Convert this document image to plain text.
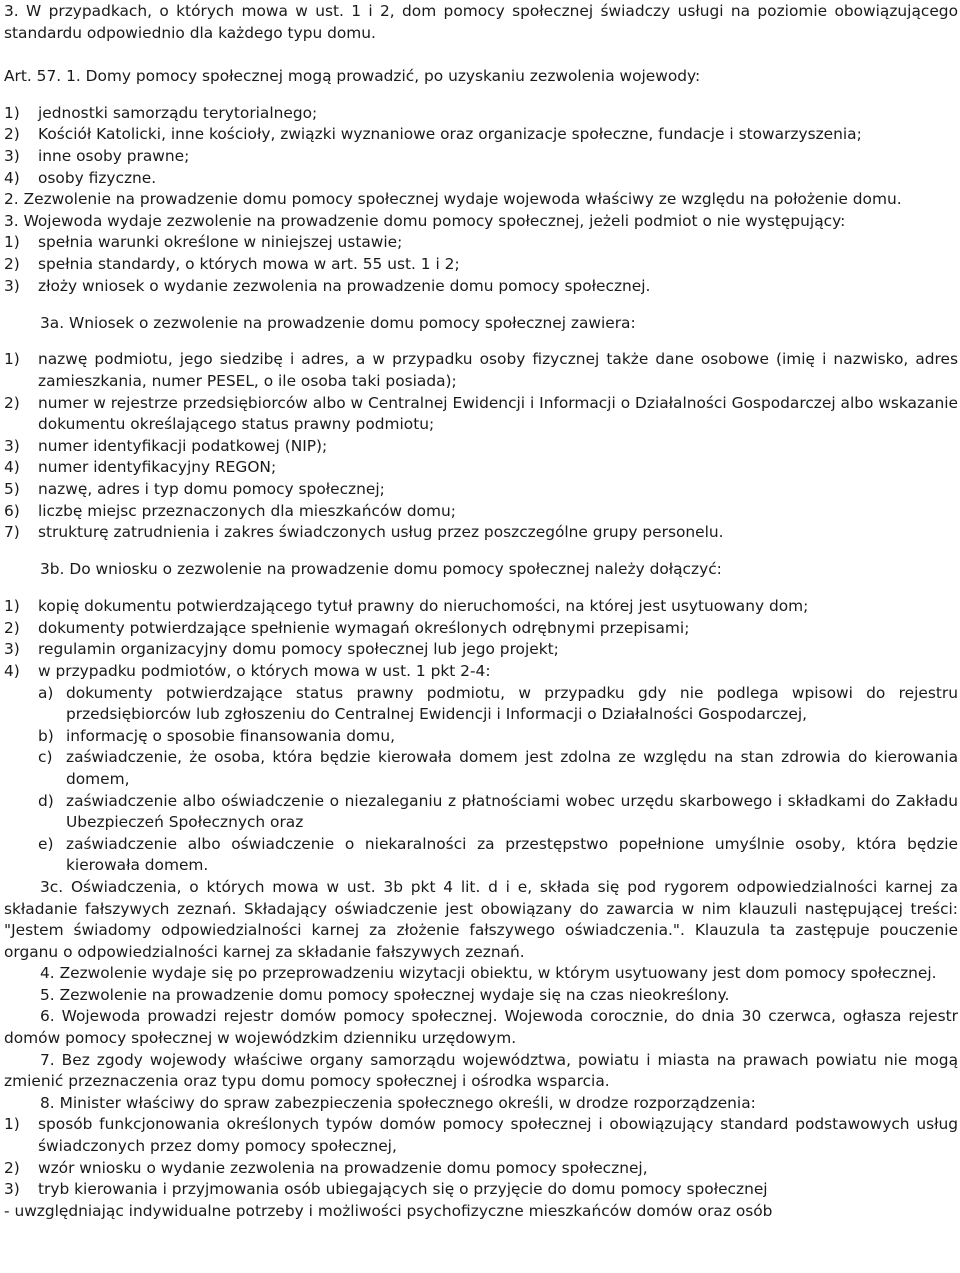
3. W przypadkach, o których mowa w ust. 1 i 2, dom pomocy społecznej świadczy usługi na poziomie obowiązującego standardu odpowiednio dla każdego typu domu.

Art. 57. 1. Domy pomocy społecznej mogą prowadzić, po uzyskaniu zezwolenia wojewody:

1)	jednostki samorządu terytorialnego;
2)	Kościół Katolicki, inne kościoły, związki wyznaniowe oraz organizacje społeczne, fundacje i stowarzyszenia;
3)	inne osoby prawne;
4)	osoby fizyczne.

2. Zezwolenie na prowadzenie domu pomocy społecznej wydaje wojewoda właściwy ze względu na położenie domu.

3. Wojewoda wydaje zezwolenie na prowadzenie domu pomocy społecznej, jeżeli podmiot o nie występujący:

1)	spełnia warunki określone w niniejszej ustawie;
2)	spełnia standardy, o których mowa w art. 55 ust. 1 i 2;
3)	złoży wniosek o wydanie zezwolenia na prowadzenie domu pomocy społecznej.

3a. Wniosek o zezwolenie na prowadzenie domu pomocy społecznej zawiera:

1)	nazwę podmiotu, jego siedzibę i adres, a w przypadku osoby fizycznej także dane osobowe (imię i nazwisko, adres zamieszkania, numer PESEL, o ile osoba taki posiada);
2)	numer w rejestrze przedsiębiorców albo w Centralnej Ewidencji i Informacji o Działalności Gospodarczej albo wskazanie dokumentu określającego status prawny podmiotu;
3)	numer identyfikacji podatkowej (NIP);
4)	numer identyfikacyjny REGON;
5)	nazwę, adres i typ domu pomocy społecznej;
6)	liczbę miejsc przeznaczonych dla mieszkańców domu;
7)	strukturę zatrudnienia i zakres świadczonych usług przez poszczególne grupy personelu.

3b. Do wniosku o zezwolenie na prowadzenie domu pomocy społecznej należy dołączyć:

1)	kopię dokumentu potwierdzającego tytuł prawny do nieruchomości, na której jest usytuowany dom;
2)	dokumenty potwierdzające spełnienie wymagań określonych odrębnymi przepisami;
3)	regulamin organizacyjny domu pomocy społecznej lub jego projekt;
4)	w przypadku podmiotów, o których mowa w ust. 1 pkt 2-4:
a) dokumenty potwierdzające status prawny podmiotu, w przypadku gdy nie podlega wpisowi do rejestru przedsiębiorców lub zgłoszeniu do Centralnej Ewidencji i Informacji o Działalności Gospodarczej,
b) informację o sposobie finansowania domu,
c) zaświadczenie, że osoba, która będzie kierowała domem jest zdolna ze względu na stan zdrowia do kierowania domem,
d) zaświadczenie albo oświadczenie o niezaleganiu z płatnościami wobec urzędu skarbowego i składkami do Zakładu Ubezpieczeń Społecznych oraz
e) zaświadczenie albo oświadczenie o niekaralności za przestępstwo popełnione umyślnie osoby, która będzie kierowała domem.

3c. Oświadczenia, o których mowa w ust. 3b pkt 4 lit. d i e, składa się pod rygorem odpowiedzialności karnej za składanie fałszywych zeznań. Składający oświadczenie jest obowiązany do zawarcia w nim klauzuli następującej treści: "Jestem świadomy odpowiedzialności karnej za złożenie fałszywego oświadczenia.". Klauzula ta zastępuje pouczenie organu o odpowiedzialności karnej za składanie fałszywych zeznań.

4. Zezwolenie wydaje się po przeprowadzeniu wizytacji obiektu, w którym usytuowany jest dom pomocy społecznej.

5. Zezwolenie na prowadzenie domu pomocy społecznej wydaje się na czas nieokreślony.

6. Wojewoda prowadzi rejestr domów pomocy społecznej. Wojewoda corocznie, do dnia 30 czerwca, ogłasza rejestr domów pomocy społecznej w wojewódzkim dzienniku urzędowym.

7. Bez zgody wojewody właściwe organy samorządu województwa, powiatu i miasta na prawach powiatu nie mogą zmienić przeznaczenia oraz typu domu pomocy społecznej i ośrodka wsparcia.

8. Minister właściwy do spraw zabezpieczenia społecznego określi, w drodze rozporządzenia:

1)	sposób funkcjonowania określonych typów domów pomocy społecznej i obowiązujący standard podstawowych usług świadczonych przez domy pomocy społecznej,
2)	wzór wniosku o wydanie zezwolenia na prowadzenie domu pomocy społecznej,
3)	tryb kierowania i przyjmowania osób ubiegających się o przyjęcie do domu pomocy społecznej

- uwzględniając indywidualne potrzeby i możliwości psychofizyczne mieszkańców domów oraz osób
